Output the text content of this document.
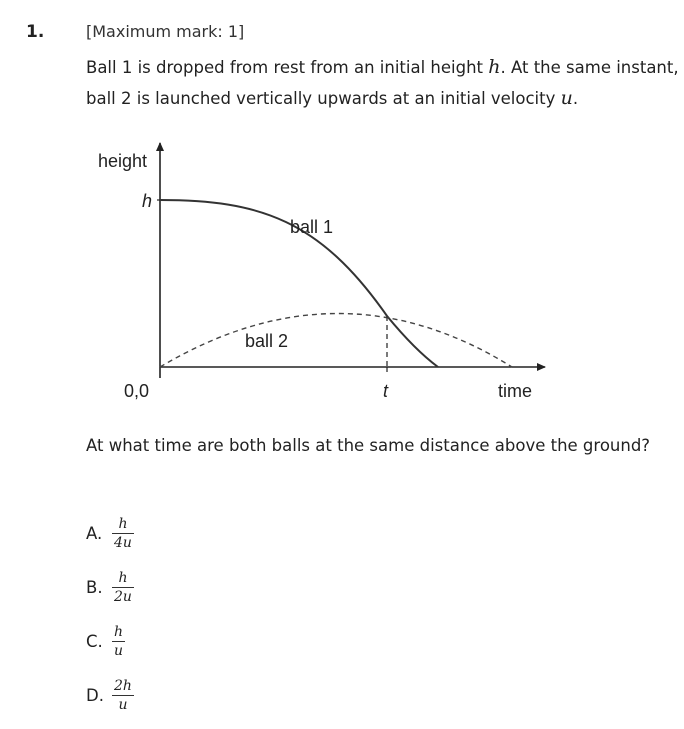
1.	[Maximum mark: 1]
Ball 1 is dropped from rest from an initial height h. At the same instant,
ball 2 is launched vertically upwards at an initial velocity u.
height
h
0,0	time
t
ball 1
ball 2
At what time are both balls at the same distance above the ground?
A. $\frac{h}{4u}$
B. $\frac{h}{2u}$
C. $\frac{h}{u}$
D. $\frac{2h}{u}$
